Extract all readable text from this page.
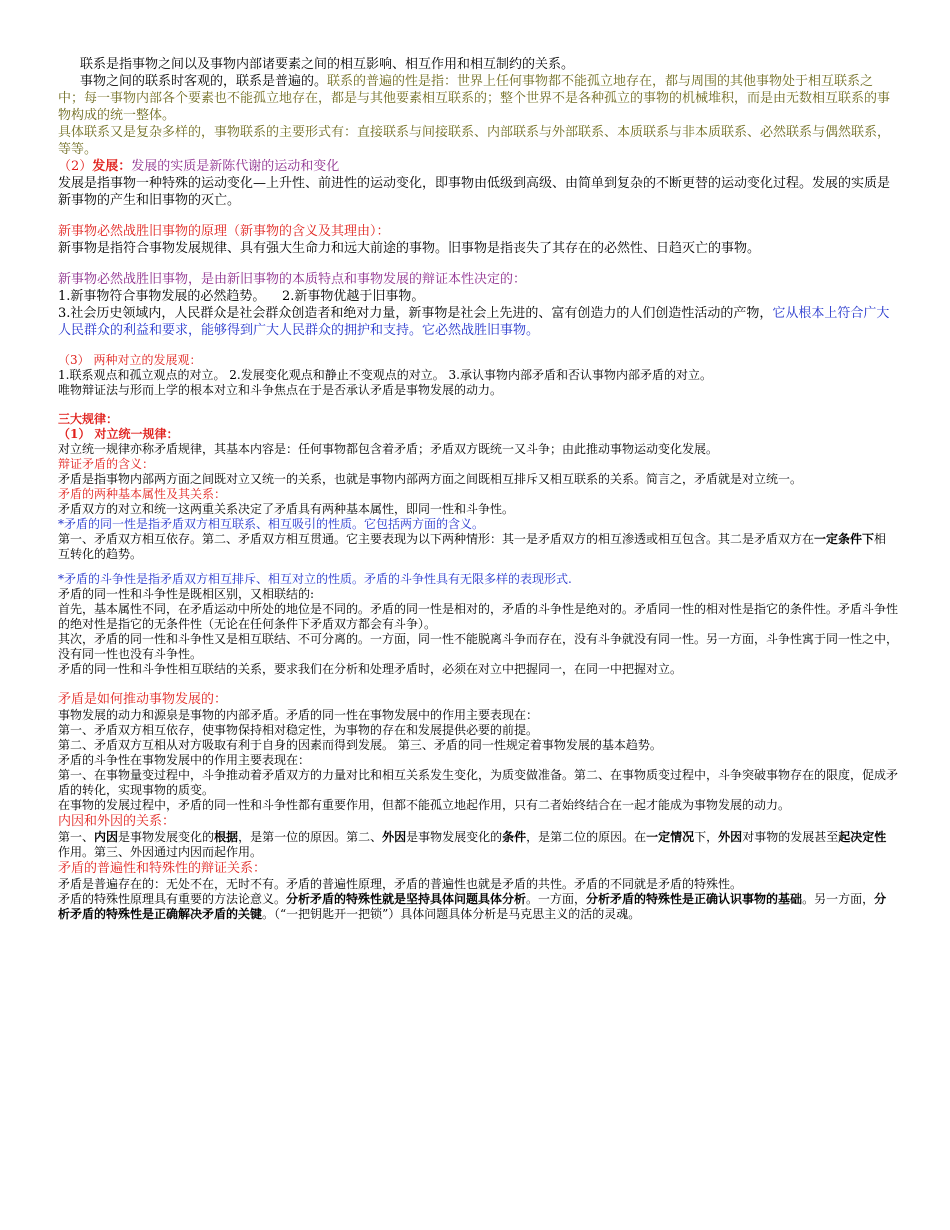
联系是指事物之间以及事物内部诸要素之间的相互影响、相互作用和相互制约的关系。

事物之间的联系时客观的，联系是普遍的。联系的普遍的性是指：世界上任何事物都不能孤立地存在，都与周围的其他事物处于相互联系之中；每一事物内部各个要素也不能孤立地存在，都是与其他要素相互联系的；整个世界不是各种孤立的事物的机械堆积，而是由无数相互联系的事物构成的统一整体。

具体联系又是复杂多样的，事物联系的主要形式有：直接联系与间接联系、内部联系与外部联系、本质联系与非本质联系、必然联系与偶然联系，等等。

（2）发展：发展的实质是新陈代谢的运动和变化

发展是指事物一种特殊的运动变化—上升性、前进性的运动变化，即事物由低级到高级、由简单到复杂的不断更替的运动变化过程。发展的实质是新事物的产生和旧事物的灭亡。

新事物必然战胜旧事物的原理（新事物的含义及其理由）：

新事物是指符合事物发展规律、具有强大生命力和远大前途的事物。旧事物是指丧失了其存在的必然性、日趋灭亡的事物。

新事物必然战胜旧事物，是由新旧事物的本质特点和事物发展的辩证本性决定的：

1.新事物符合事物发展的必然趋势。 2.新事物优越于旧事物。

3.社会历史领域内，人民群众是社会群众创造者和绝对力量，新事物是社会上先进的、富有创造力的人们创造性活动的产物，它从根本上符合广大人民群众的利益和要求，能够得到广大人民群众的拥护和支持。它必然战胜旧事物。

（3） 两种对立的发展观：

1.联系观点和孤立观点的对立。 2.发展变化观点和静止不变观点的对立。 3.承认事物内部矛盾和否认事物内部矛盾的对立。

唯物辩证法与形而上学的根本对立和斗争焦点在于是否承认矛盾是事物发展的动力。

三大规律：

（1） 对立统一规律：

对立统一规律亦称矛盾规律，其基本内容是：任何事物都包含着矛盾；矛盾双方既统一又斗争；由此推动事物运动变化发展。

辩证矛盾的含义：

矛盾是指事物内部两方面之间既对立又统一的关系，也就是事物内部两方面之间既相互排斥又相互联系的关系。简言之，矛盾就是对立统一。

矛盾的两种基本属性及其关系：

矛盾双方的对立和统一这两重关系决定了矛盾具有两种基本属性，即同一性和斗争性。

*矛盾的同一性是指矛盾双方相互联系、相互吸引的性质。它包括两方面的含义。

第一、矛盾双方相互依存。第二、矛盾双方相互贯通。它主要表现为以下两种情形：其一是矛盾双方的相互渗透或相互包含。其二是矛盾双方在一定条件下相互转化的趋势。

*矛盾的斗争性是指矛盾双方相互排斥、相互对立的性质。矛盾的斗争性具有无限多样的表现形式.

矛盾的同一性和斗争性是既相区别，又相联结的:

首先，基本属性不同，在矛盾运动中所处的地位是不同的。矛盾的同一性是相对的，矛盾的斗争性是绝对的。矛盾同一性的相对性是指它的条件性。矛盾斗争性的绝对性是指它的无条件性（无论在任何条件下矛盾双方都会有斗争）。

其次，矛盾的同一性和斗争性又是相互联结、不可分离的。一方面，同一性不能脱离斗争而存在，没有斗争就没有同一性。另一方面，斗争性寓于同一性之中，没有同一性也没有斗争性。

矛盾的同一性和斗争性相互联结的关系，要求我们在分析和处理矛盾时，必须在对立中把握同一，在同一中把握对立。

矛盾是如何推动事物发展的：

事物发展的动力和源泉是事物的内部矛盾。矛盾的同一性在事物发展中的作用主要表现在：

第一、矛盾双方相互依存，使事物保持相对稳定性，为事物的存在和发展提供必要的前提。

第二、矛盾双方互相从对方吸取有利于自身的因素而得到发展。 第三、矛盾的同一性规定着事物发展的基本趋势。

矛盾的斗争性在事物发展中的作用主要表现在：

第一、在事物量变过程中，斗争推动着矛盾双方的力量对比和相互关系发生变化，为质变做准备。第二、在事物质变过程中，斗争突破事物存在的限度，促成矛盾的转化，实现事物的质变。

在事物的发展过程中，矛盾的同一性和斗争性都有重要作用，但都不能孤立地起作用，只有二者始终结合在一起才能成为事物发展的动力。

内因和外因的关系：

第一、内因是事物发展变化的根据，是第一位的原因。第二、外因是事物发展变化的条件，是第二位的原因。在一定情况下，外因对事物的发展甚至起决定性作用。第三、外因通过内因而起作用。

矛盾的普遍性和特殊性的辩证关系：

矛盾是普遍存在的：无处不在，无时不有。矛盾的普遍性原理，矛盾的普遍性也就是矛盾的共性。矛盾的不同就是矛盾的特殊性。

矛盾的特殊性原理具有重要的方法论意义。分析矛盾的特殊性就是坚持具体问题具体分析。一方面，分析矛盾的特殊性是正确认识事物的基础。另一方面，分析矛盾的特殊性是正确解决矛盾的关键。（“一把钥匙开一把锁”）具体问题具体分析是马克思主义的活的灵魂。
